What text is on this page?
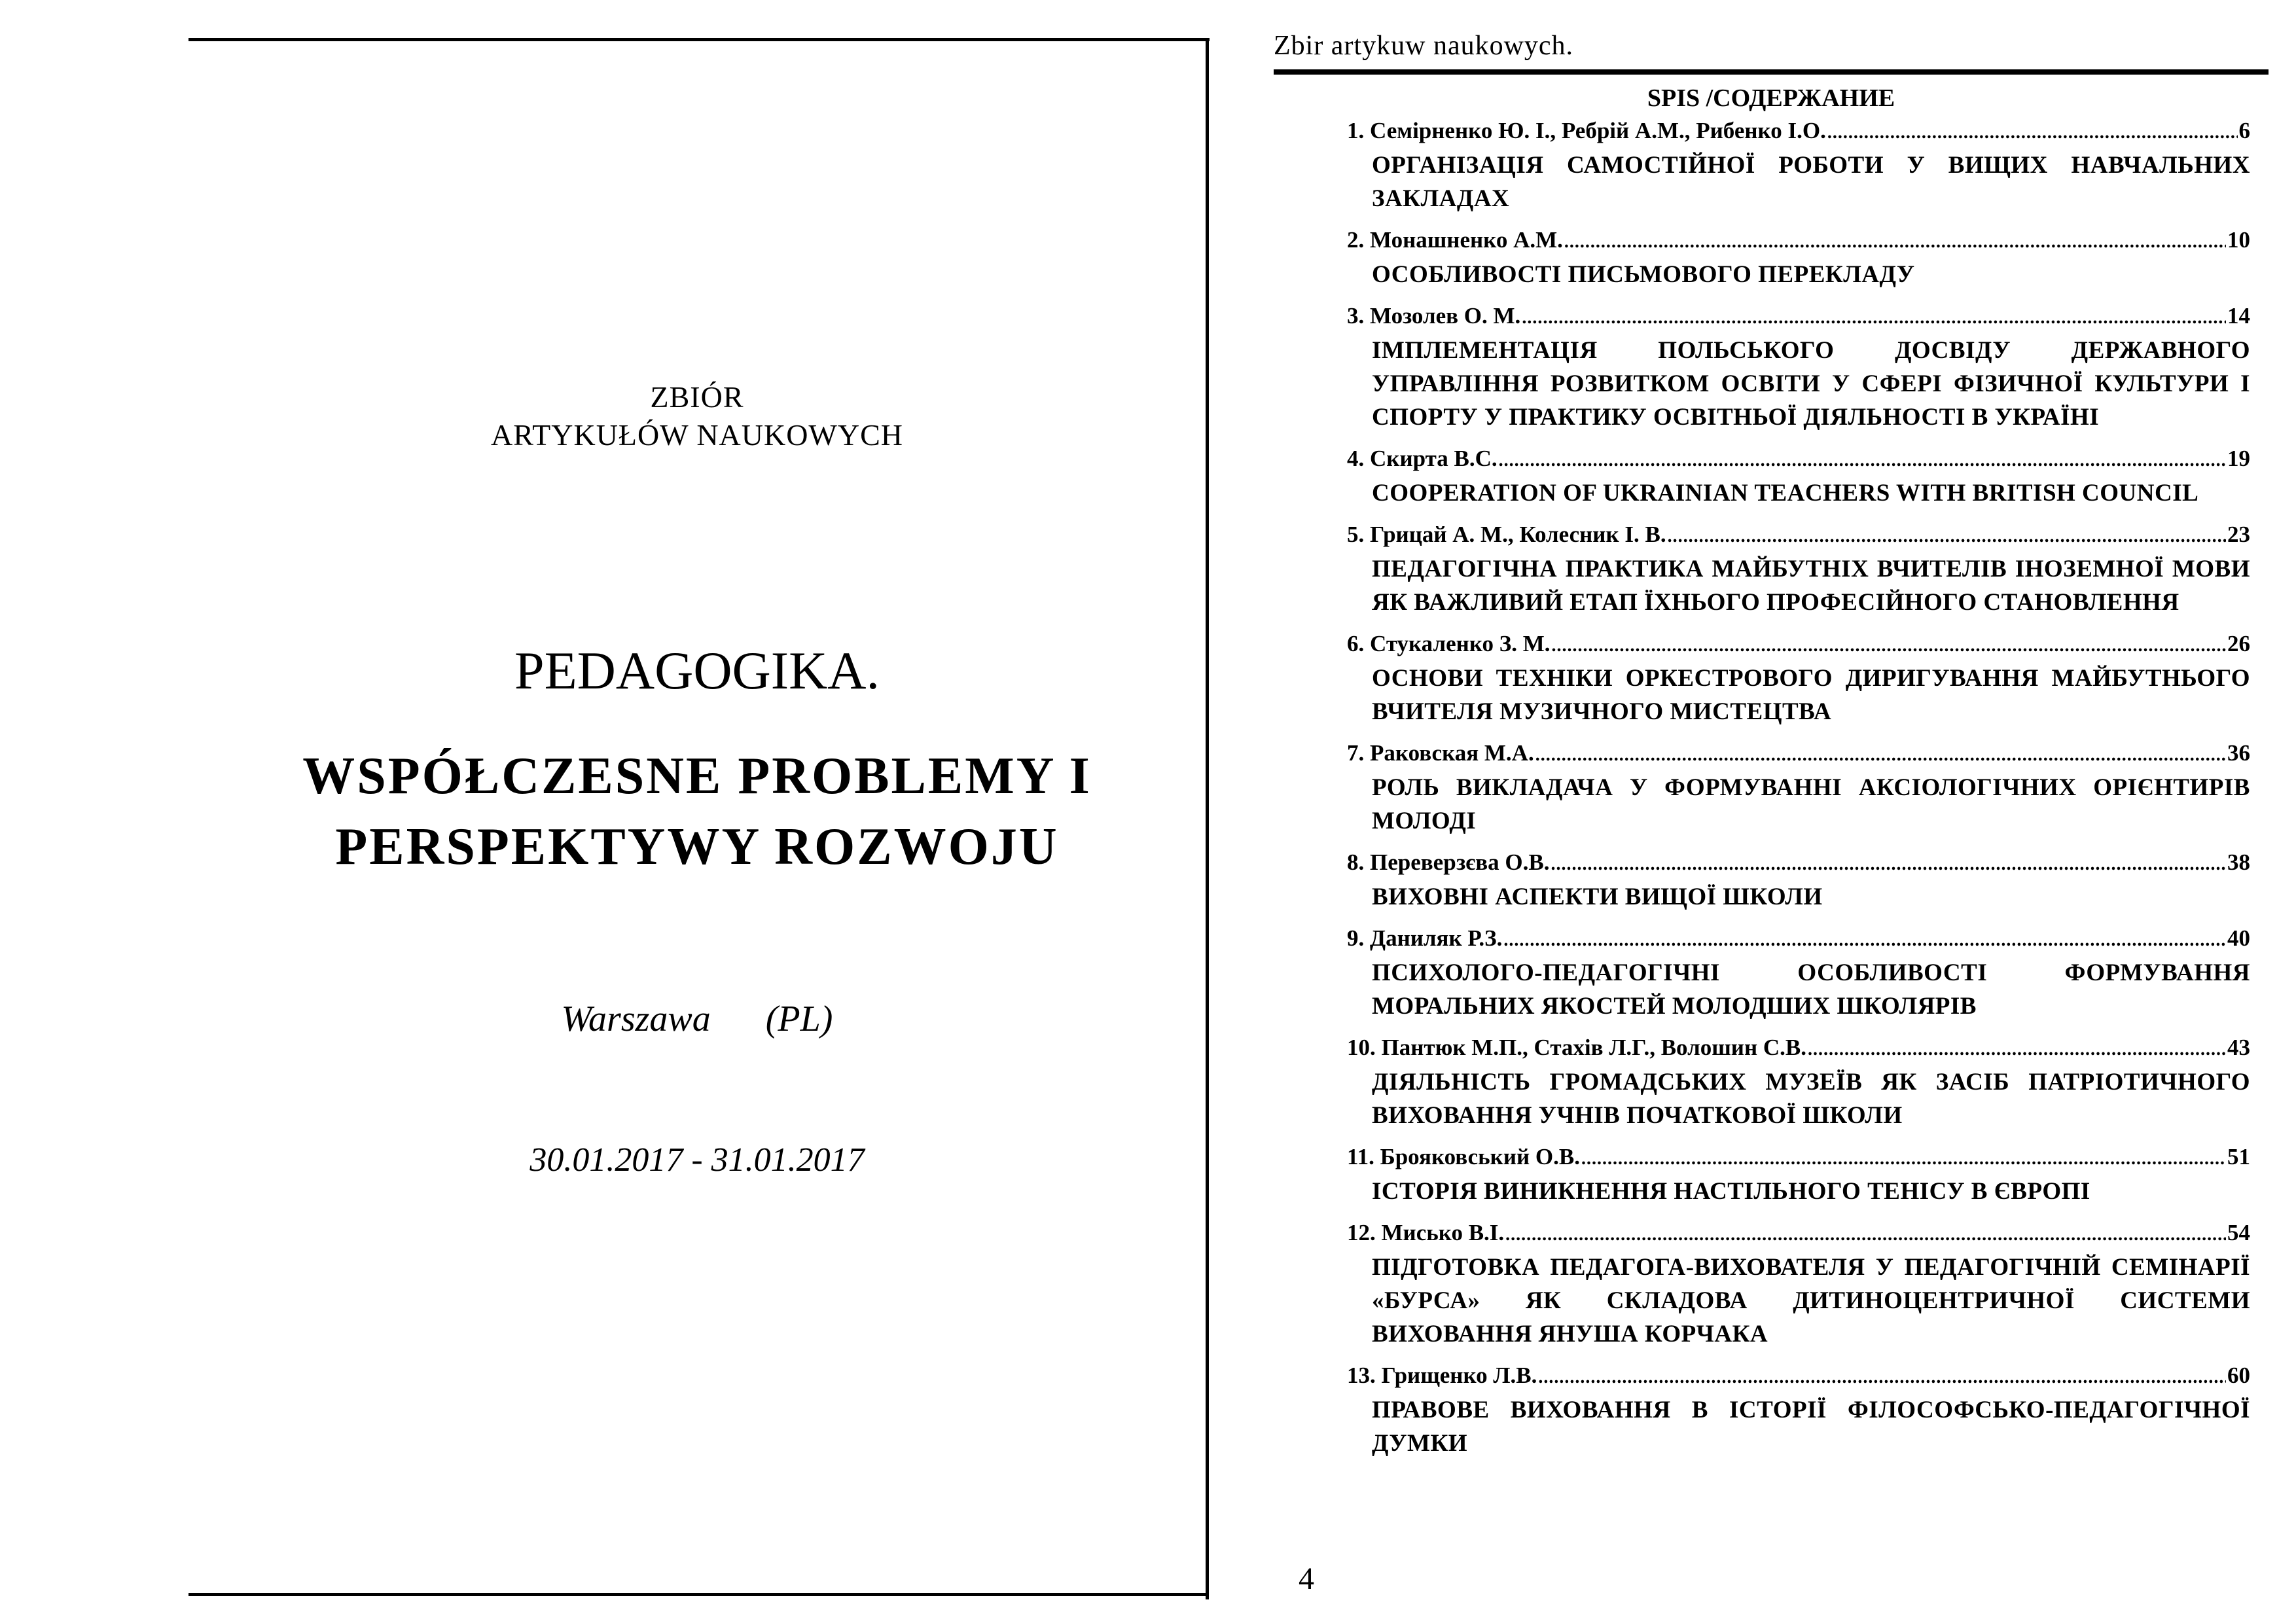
ZBIÓR
ARTYKUŁÓW NAUKOWYCH
PEDAGOGIKA.
WSPÓŁCZESNE PROBLEMY I
PERSPEKTYWY ROZWOJU
Warszawa      (PL)
30.01.2017 - 31.01.2017
Zbir artykuw naukowych.
SPIS /СОДЕРЖАНИЕ
1. Семірненко Ю. І., Ребрій А.М., Рибенко І.О. .....	6
ОРГАНІЗАЦІЯ САМОСТІЙНОЇ РОБОТИ У ВИЩИХ НАВЧАЛЬНИХ ЗАКЛАДАХ
2. Монашненко А.М. .....	10
ОСОБЛИВОСТІ ПИСЬМОВОГО ПЕРЕКЛАДУ
3. Мозолев О. М. .....	14
ІМПЛЕМЕНТАЦІЯ ПОЛЬСЬКОГО ДОСВІДУ ДЕРЖАВНОГО УПРАВЛІННЯ РОЗВИТКОМ ОСВІТИ У СФЕРІ ФІЗИЧНОЇ КУЛЬТУРИ І СПОРТУ У ПРАКТИКУ ОСВІТНЬОЇ ДІЯЛЬНОСТІ В УКРАЇНІ
4. Скирта В.С. .....	19
COOPERATION OF UKRAINIAN TEACHERS WITH BRITISH COUNCIL
5. Грицай А. М., Колесник І. В. .....	23
ПЕДАГОГІЧНА ПРАКТИКА МАЙБУТНІХ ВЧИТЕЛІВ ІНОЗЕМНОЇ МОВИ ЯК ВАЖЛИВИЙ ЕТАП ЇХНЬОГО ПРОФЕСІЙНОГО СТАНОВЛЕННЯ
6. Стукаленко З. М. .....	26
ОСНОВИ ТЕХНІКИ ОРКЕСТРОВОГО ДИРИГУВАННЯ МАЙБУТНЬОГО ВЧИТЕЛЯ МУЗИЧНОГО МИСТЕЦТВА
7. Раковская М.А. .....	36
РОЛЬ ВИКЛАДАЧА У ФОРМУВАННІ АКСІОЛОГІЧНИХ ОРІЄНТИРІВ МОЛОДІ
8. Переверзєва О.В. .....	38
ВИХОВНІ АСПЕКТИ ВИЩОЇ ШКОЛИ
9. Даниляк Р.З. .....	40
ПСИХОЛОГО-ПЕДАГОГІЧНІ ОСОБЛИВОСТІ ФОРМУВАННЯ МОРАЛЬНИХ ЯКОСТЕЙ МОЛОДШИХ ШКОЛЯРІВ
10. Пантюк М.П., Стахів Л.Г., Волошин С.В. .....	43
ДІЯЛЬНІСТЬ ГРОМАДСЬКИХ МУЗЕЇВ ЯК ЗАСІБ ПАТРІОТИЧНОГО ВИХОВАННЯ УЧНІВ ПОЧАТКОВОЇ ШКОЛИ
11. Брояковський О.В. .....	51
ІСТОРІЯ ВИНИКНЕННЯ НАСТІЛЬНОГО ТЕНІСУ В ЄВРОПІ
12. Мисько В.І. .....	54
ПІДГОТОВКА ПЕДАГОГА-ВИХОВАТЕЛЯ У ПЕДАГОГІЧНІЙ СЕМІНАРІЇ «БУРСА» ЯК СКЛАДОВА ДИТИНОЦЕНТРИЧНОЇ СИСТЕМИ ВИХОВАННЯ ЯНУША КОРЧАКА
13. Грищенко Л.В. .....	60
ПРАВОВЕ ВИХОВАННЯ В ІСТОРІЇ ФІЛОСОФСЬКО-ПЕДАГОГІЧНОЇ ДУМКИ
4
